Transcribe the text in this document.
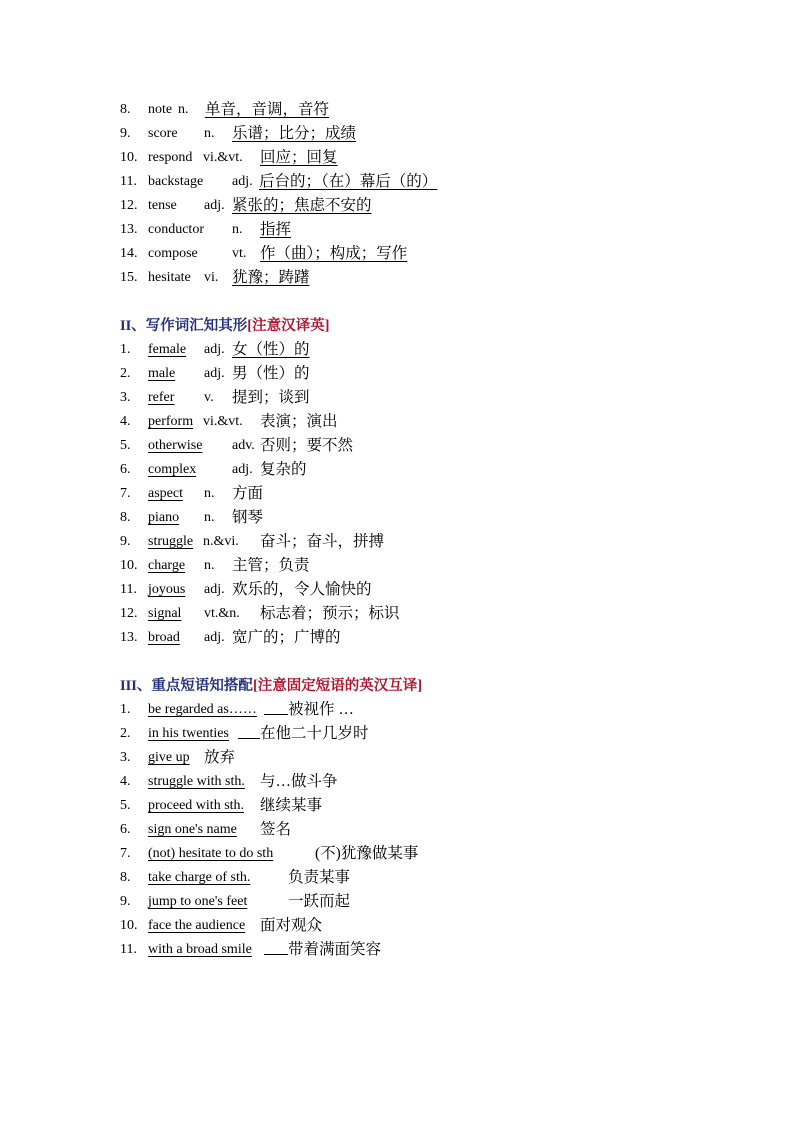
8. note n. 单音，音调，音符
9. score n. 乐谱；比分；成绩
10. respond vi.&vt. 回应；回复
11. backstage adj. 后台的；（在）幕后（的）
12. tense adj. 紧张的；焦虑不安的
13. conductor n. 指挥
14. compose vt. 作（曲）；构成；写作
15. hesitate vi. 犹豫；踌躇
II、写作词汇知其形[注意汉译英]
1. female adj. 女（性）的
2. male adj. 男（性）的
3. refer v. 提到；谈到
4. perform vi.&vt. 表演；演出
5. otherwise adv. 否则；要不然
6. complex	adj. 复杂的
7. aspect n. 方面
8. piano n. 钢琴
9. struggle n.&vi. 奋斗；奋斗，拼搏
10. charge n. 主管；负责
11. joyous adj. 欢乐的，令人愉快的
12. signal vt.&n. 标志着；预示；标识
13. broad adj. 宽广的；广博的
III、重点短语知搭配[注意固定短语的英汉互译]
1. be regarded as…… 被视作 …
2. in his twenties 在他二十几岁时
3. give up 放弃
4. struggle with sth. 与…做斗争
5. proceed with sth. 继续某事
6. sign one's name 签名
7. (not) hesitate to do sth	(不)犹豫做某事
8. take charge of sth. 负责某事
9. jump to one's feet	一跃而起
10. face the audience 面对观众
11. with a broad smile 带着满面笑容
